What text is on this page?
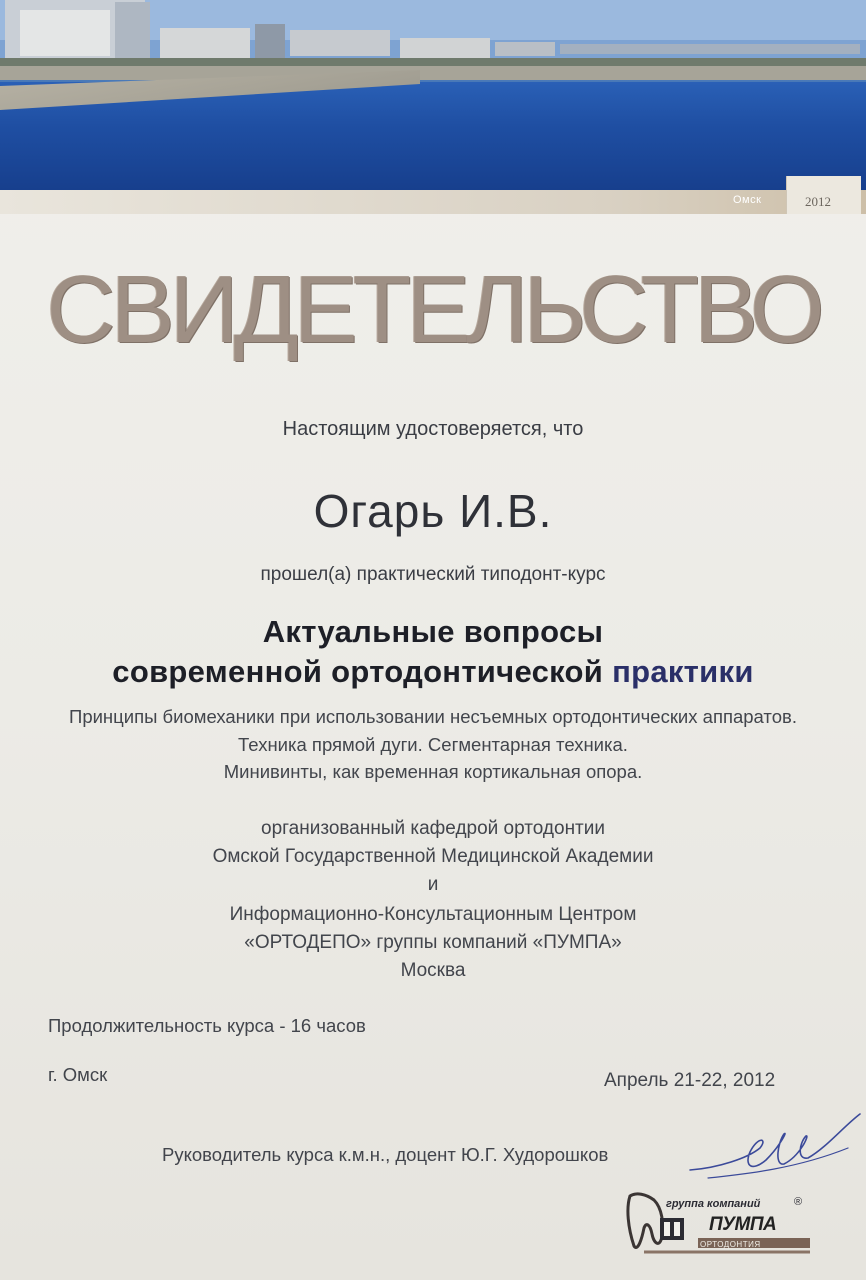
Омск	2012
СВИДЕТЕЛЬСТВО
Настоящим удостоверяется, что
Огарь И.В.
прошел(а) практический типодонт-курс
Актуальные вопросы
современной ортодонтической практики
Принципы биомеханики при использовании несъемных ортодонтических аппаратов.
Техника прямой дуги. Сегментарная техника.
Минивинты, как временная кортикальная опора.
организованный кафедрой ортодонтии
Омской Государственной Медицинской Академии
и
Информационно-Консультационным Центром
«ОРТОДЕПО» группы компаний «ПУМПА»
Москва
Продолжительность курса - 16 часов
г. Омск	Апрель 21-22, 2012
Руководитель курса к.м.н., доцент Ю.Г. Худорошков
группа компаний	®
ПУМПА
ОРТОДОНТИЯ
